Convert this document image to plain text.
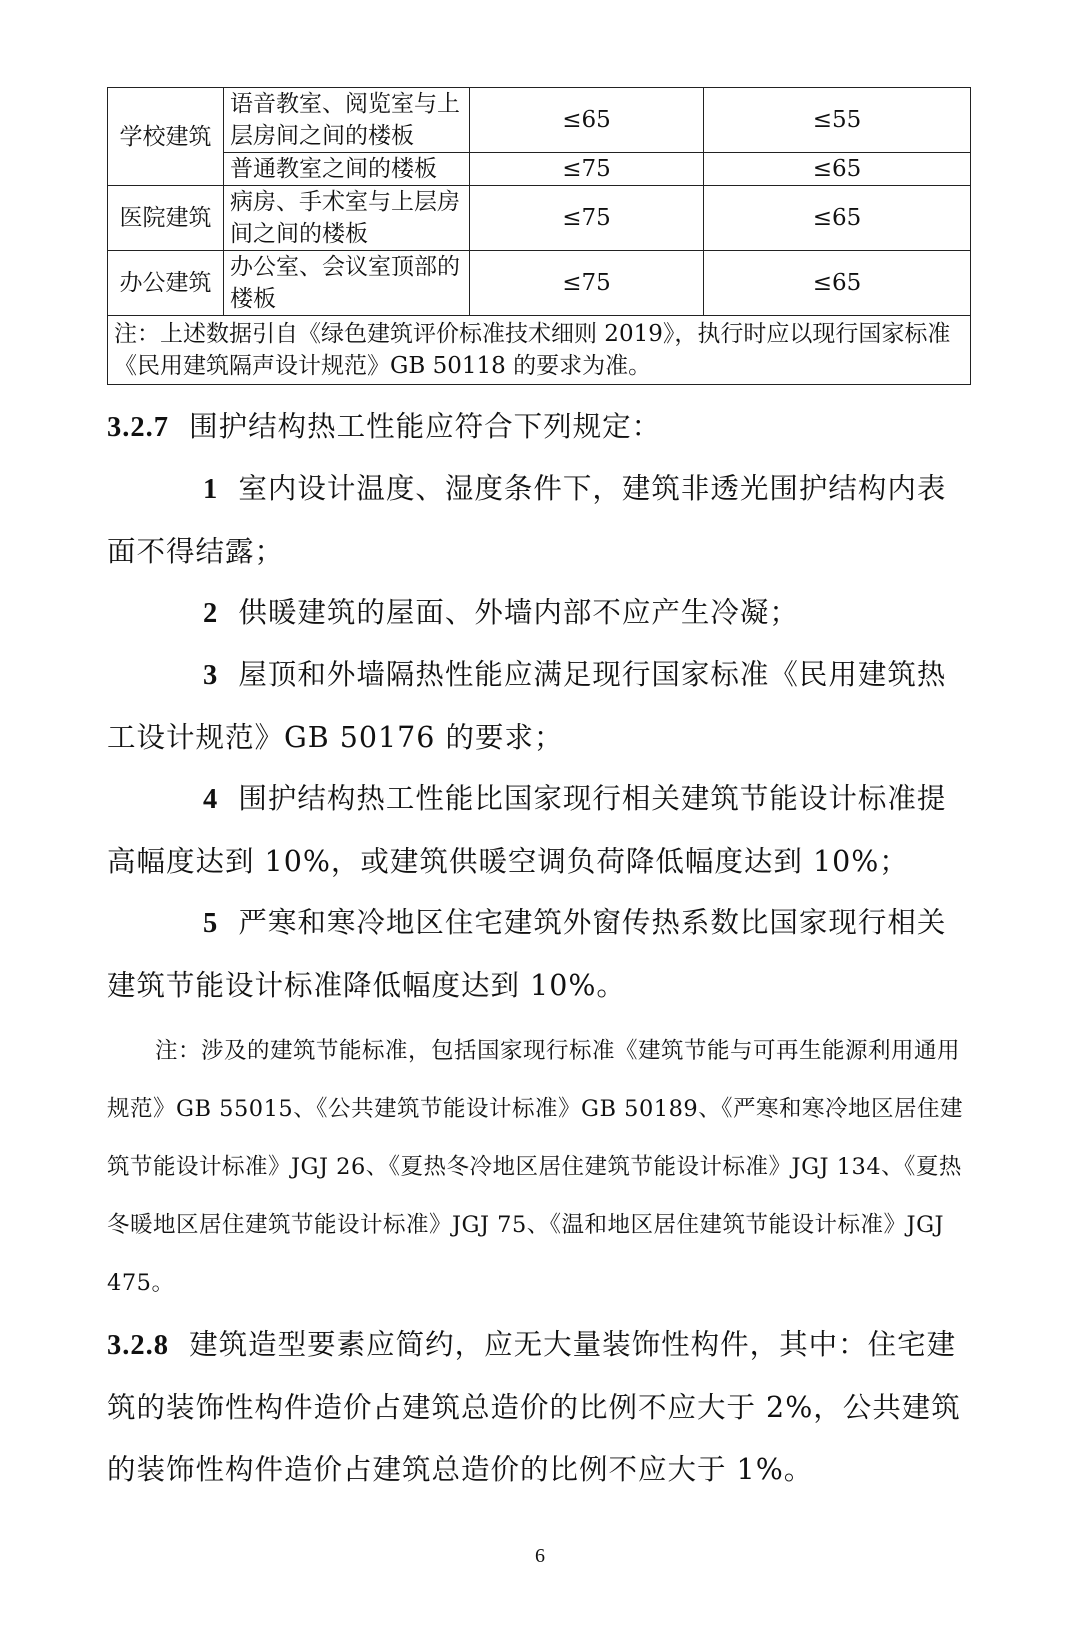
学校建筑	语音教室、阅览室与上层房间之间的楼板	≤65	≤55
	普通教室之间的楼板	≤75	≤65
医院建筑	病房、手术室与上层房间之间的楼板	≤75	≤65
办公建筑	办公室、会议室顶部的楼板	≤75	≤65
注：上述数据引自《绿色建筑评价标准技术细则 2019》，执行时应以现行国家标准《民用建筑隔声设计规范》GB 50118 的要求为准。			

3.2.7 围护结构热工性能应符合下列规定：

1 室内设计温度、湿度条件下，建筑非透光围护结构内表面不得结露；

2 供暖建筑的屋面、外墙内部不应产生冷凝；

3 屋顶和外墙隔热性能应满足现行国家标准《民用建筑热工设计规范》GB 50176 的要求；

4 围护结构热工性能比国家现行相关建筑节能设计标准提高幅度达到 10%，或建筑供暖空调负荷降低幅度达到 10%；

5 严寒和寒冷地区住宅建筑外窗传热系数比国家现行相关建筑节能设计标准降低幅度达到 10%。

注：涉及的建筑节能标准，包括国家现行标准《建筑节能与可再生能源利用通用规范》GB 55015、《公共建筑节能设计标准》GB 50189、《严寒和寒冷地区居住建筑节能设计标准》JGJ 26、《夏热冬冷地区居住建筑节能设计标准》JGJ 134、《夏热冬暖地区居住建筑节能设计标准》JGJ 75、《温和地区居住建筑节能设计标准》JGJ 475。

3.2.8 建筑造型要素应简约，应无大量装饰性构件，其中：住宅建筑的装饰性构件造价占建筑总造价的比例不应大于 2%，公共建筑的装饰性构件造价占建筑总造价的比例不应大于 1%。

6
